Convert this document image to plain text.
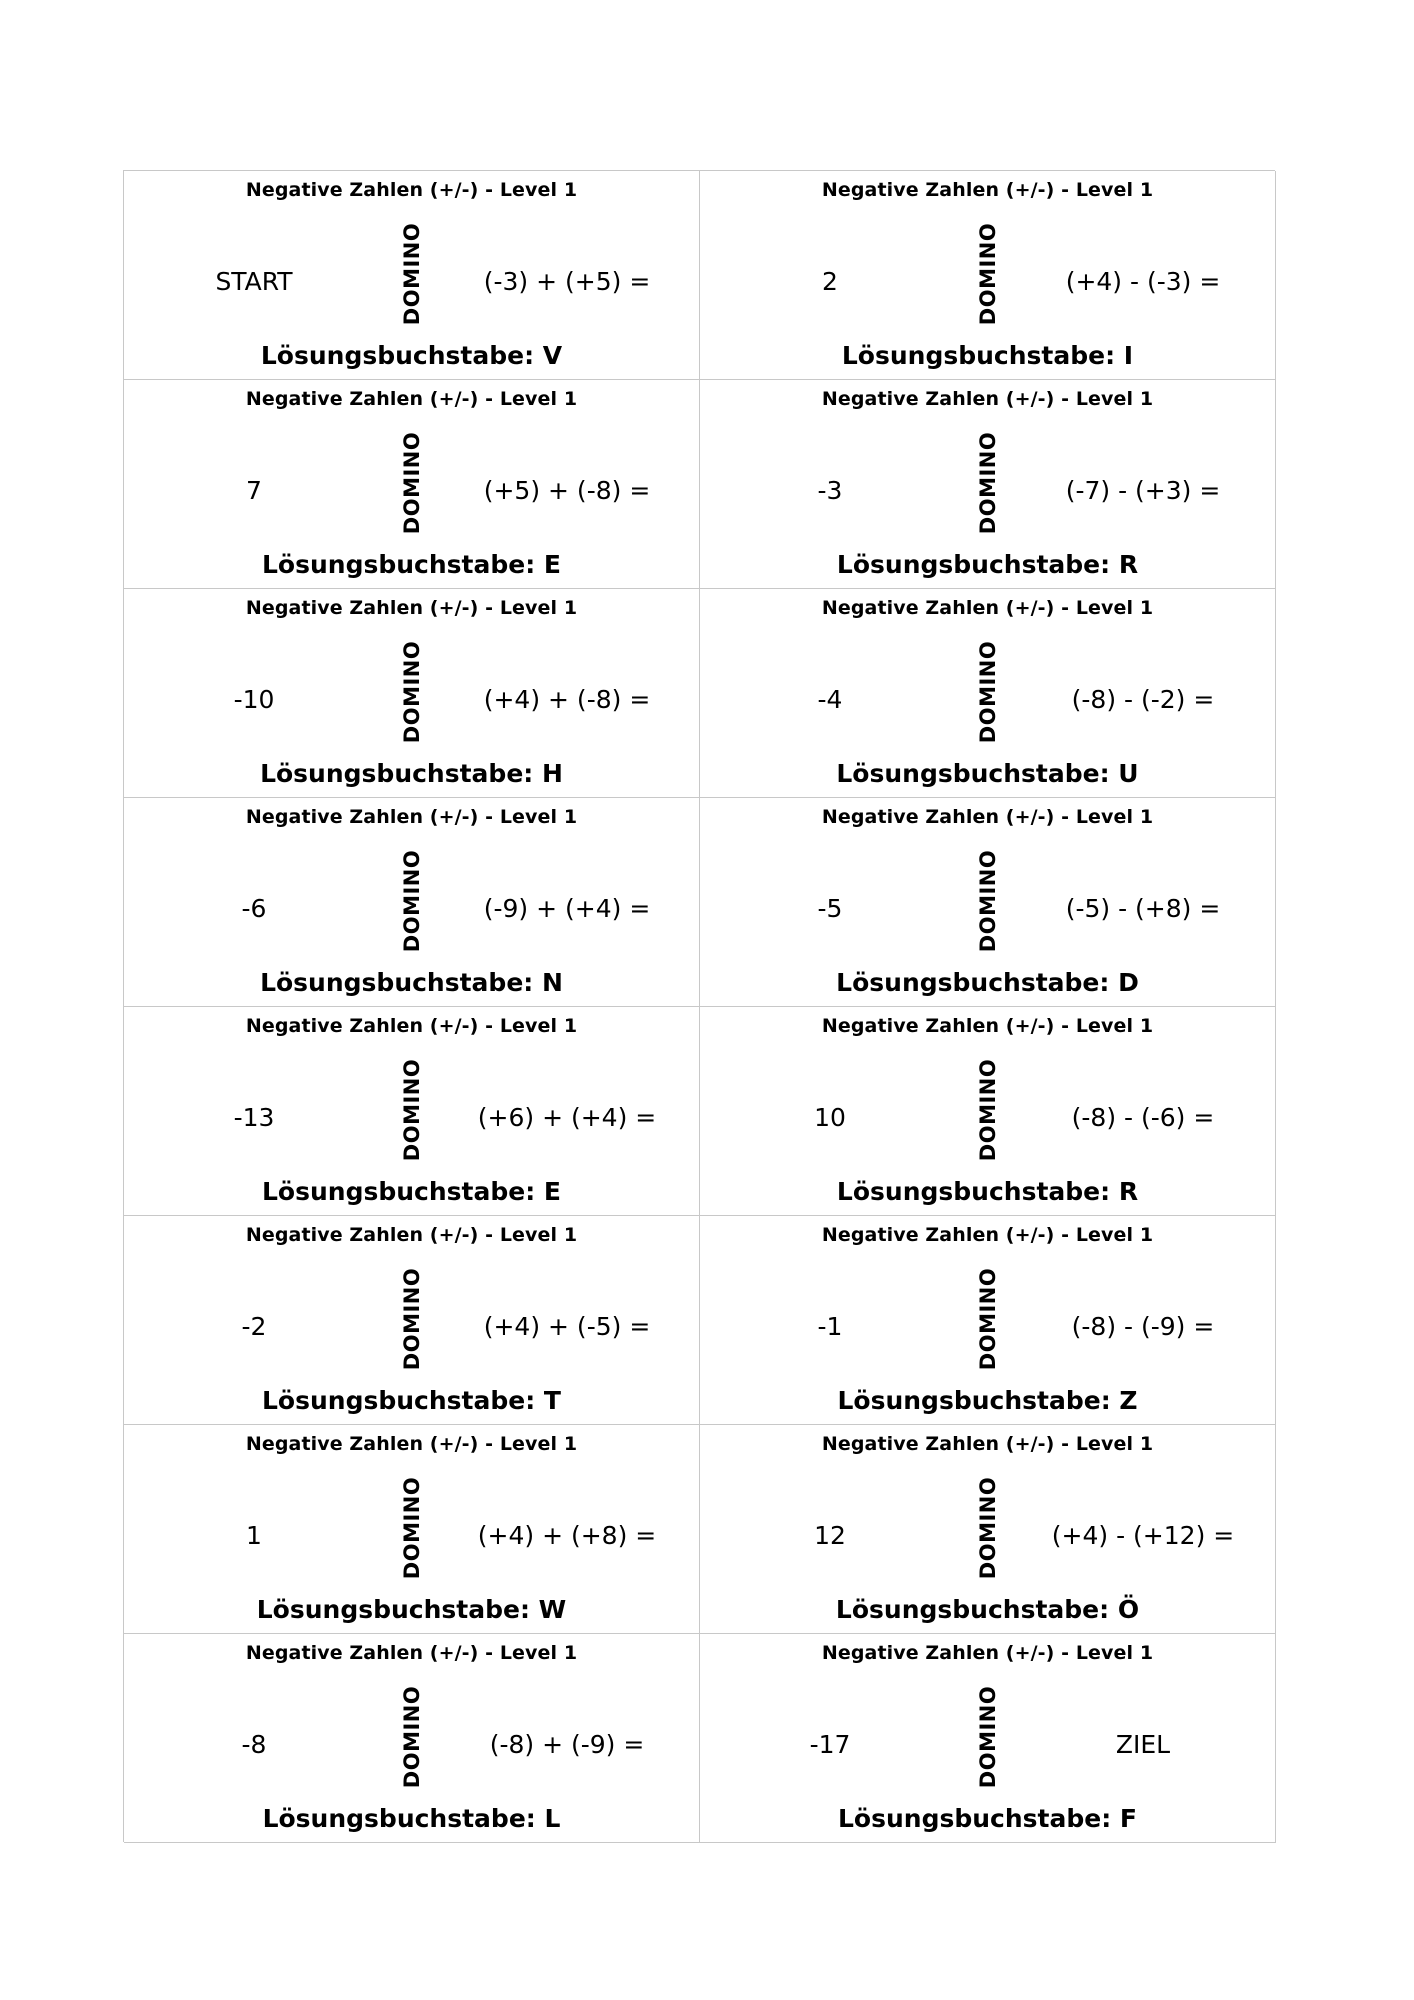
Negative Zahlen (+/-) - Level 1
START	DOMINO	(-3) + (+5) =
Lösungsbuchstabe: V
Negative Zahlen (+/-) - Level 1
2	DOMINO	(+4) - (-3) =
Lösungsbuchstabe: I
Negative Zahlen (+/-) - Level 1
7	DOMINO	(+5) + (-8) =
Lösungsbuchstabe: E
Negative Zahlen (+/-) - Level 1
-3	DOMINO	(-7) - (+3) =
Lösungsbuchstabe: R
Negative Zahlen (+/-) - Level 1
-10	DOMINO	(+4) + (-8) =
Lösungsbuchstabe: H
Negative Zahlen (+/-) - Level 1
-4	DOMINO	(-8) - (-2) =
Lösungsbuchstabe: U
Negative Zahlen (+/-) - Level 1
-6	DOMINO	(-9) + (+4) =
Lösungsbuchstabe: N
Negative Zahlen (+/-) - Level 1
-5	DOMINO	(-5) - (+8) =
Lösungsbuchstabe: D
Negative Zahlen (+/-) - Level 1
-13	DOMINO	(+6) + (+4) =
Lösungsbuchstabe: E
Negative Zahlen (+/-) - Level 1
10	DOMINO	(-8) - (-6) =
Lösungsbuchstabe: R
Negative Zahlen (+/-) - Level 1
-2	DOMINO	(+4) + (-5) =
Lösungsbuchstabe: T
Negative Zahlen (+/-) - Level 1
-1	DOMINO	(-8) - (-9) =
Lösungsbuchstabe: Z
Negative Zahlen (+/-) - Level 1
1	DOMINO	(+4) + (+8) =
Lösungsbuchstabe: W
Negative Zahlen (+/-) - Level 1
12	DOMINO	(+4) - (+12) =
Lösungsbuchstabe: Ö
Negative Zahlen (+/-) - Level 1
-8	DOMINO	(-8) + (-9) =
Lösungsbuchstabe: L
Negative Zahlen (+/-) - Level 1
-17	DOMINO	ZIEL
Lösungsbuchstabe: F
